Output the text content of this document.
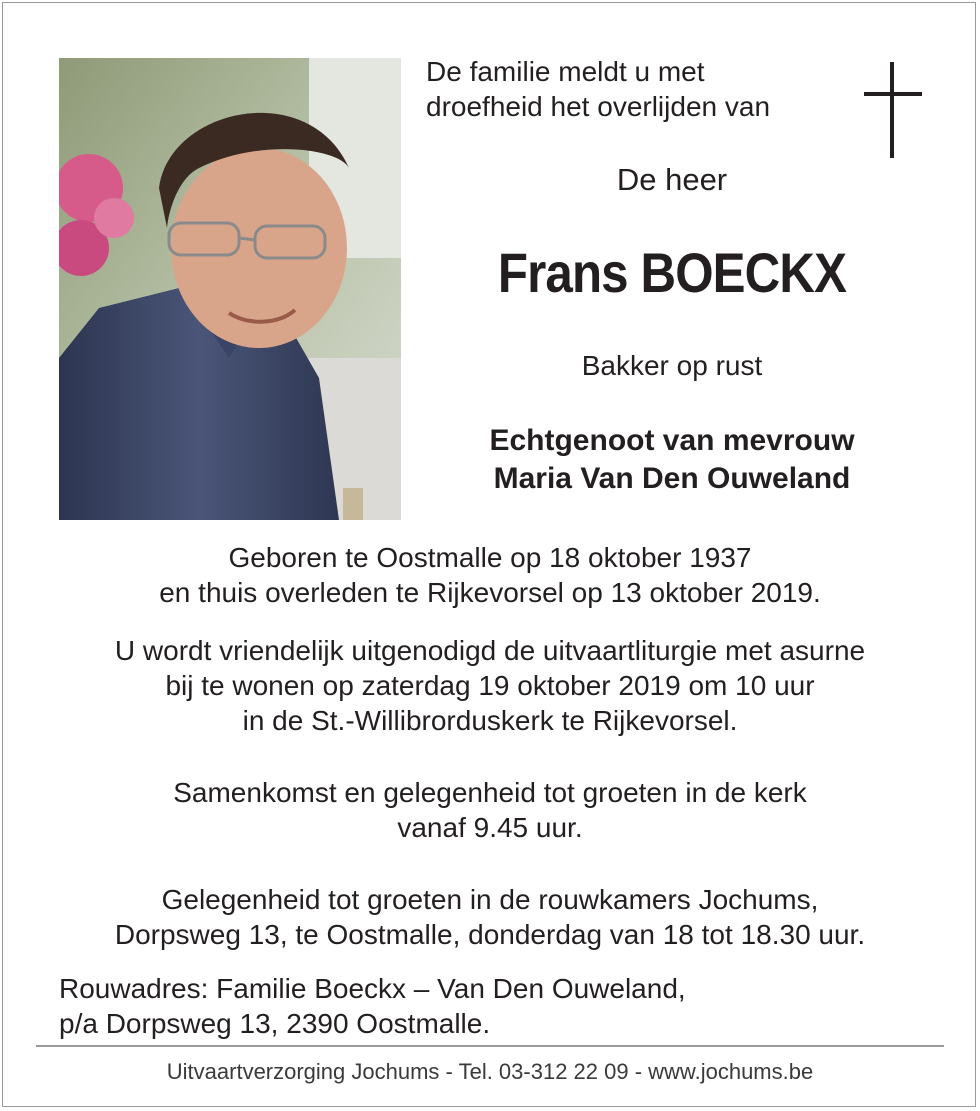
De familie meldt u met
droefheid het overlijden van
De heer
Frans BOECKX
Bakker op rust
Echtgenoot van mevrouw
Maria Van Den Ouweland
Geboren te Oostmalle op 18 oktober 1937
en thuis overleden te Rijkevorsel op 13 oktober 2019.
U wordt vriendelijk uitgenodigd de uitvaartliturgie met asurne
bij te wonen op zaterdag 19 oktober 2019 om 10 uur
in de St.-Willibrorduskerk te Rijkevorsel.
Samenkomst en gelegenheid tot groeten in de kerk
vanaf 9.45 uur.
Gelegenheid tot groeten in de rouwkamers Jochums,
Dorpsweg 13, te Oostmalle, donderdag van 18 tot 18.30 uur.
Rouwadres: Familie Boeckx – Van Den Ouweland,
p/a Dorpsweg 13, 2390 Oostmalle.
Uitvaartverzorging Jochums - Tel. 03-312 22 09 - www.jochums.be
